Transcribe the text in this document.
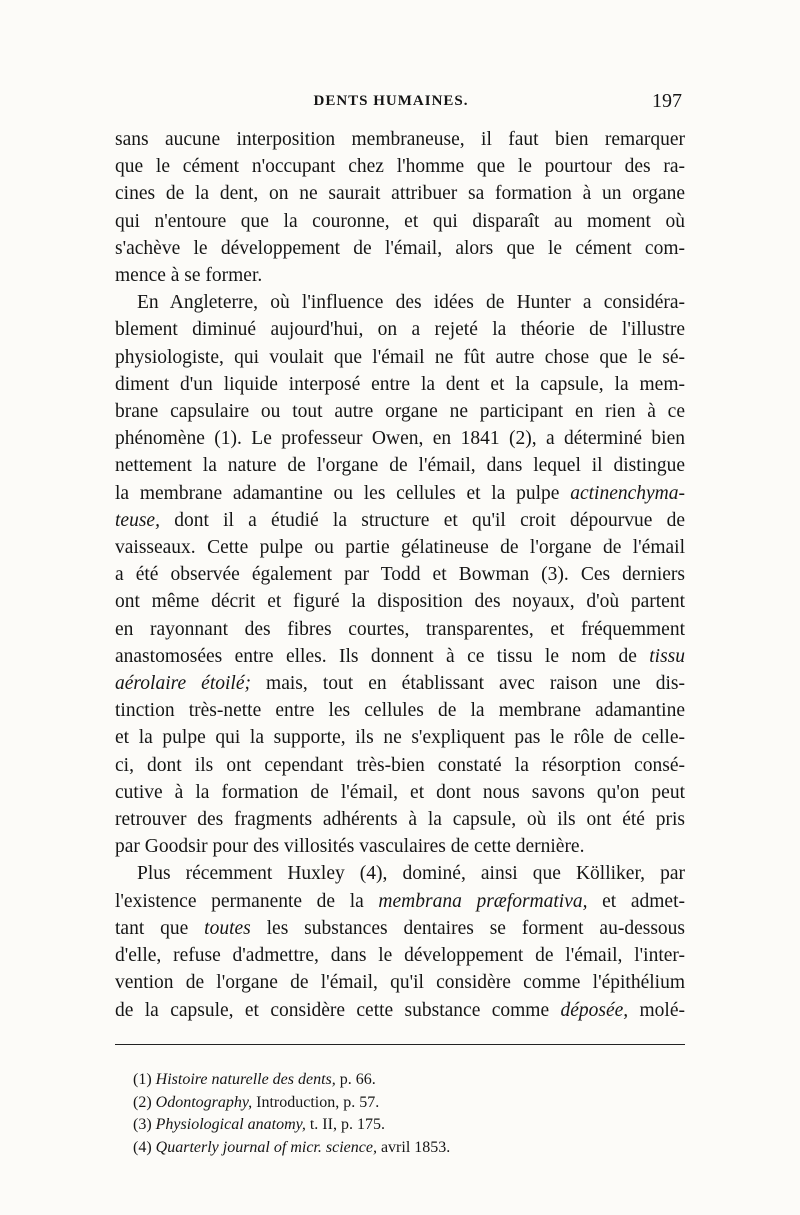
DENTS HUMAINES.	197
sans aucune interposition membraneuse, il faut bien remarquer
que le cément n'occupant chez l'homme que le pourtour des ra-
cines de la dent, on ne saurait attribuer sa formation à un organe
qui n'entoure que la couronne, et qui disparaît au moment où
s'achève le développement de l'émail, alors que le cément com-
mence à se former.
En Angleterre, où l'influence des idées de Hunter a considéra-
blement diminué aujourd'hui, on a rejeté la théorie de l'illustre
physiologiste, qui voulait que l'émail ne fût autre chose que le sé-
diment d'un liquide interposé entre la dent et la capsule, la mem-
brane capsulaire ou tout autre organe ne participant en rien à ce
phénomène (1). Le professeur Owen, en 1841 (2), a déterminé bien
nettement la nature de l'organe de l'émail, dans lequel il distingue
la membrane adamantine ou les cellules et la pulpe actinenchyma-
teuse, dont il a étudié la structure et qu'il croit dépourvue de
vaisseaux. Cette pulpe ou partie gélatineuse de l'organe de l'émail
a été observée également par Todd et Bowman (3). Ces derniers
ont même décrit et figuré la disposition des noyaux, d'où partent
en rayonnant des fibres courtes, transparentes, et fréquemment
anastomosées entre elles. Ils donnent à ce tissu le nom de tissu
aérolaire étoilé; mais, tout en établissant avec raison une dis-
tinction très-nette entre les cellules de la membrane adamantine
et la pulpe qui la supporte, ils ne s'expliquent pas le rôle de celle-
ci, dont ils ont cependant très-bien constaté la résorption consé-
cutive à la formation de l'émail, et dont nous savons qu'on peut
retrouver des fragments adhérents à la capsule, où ils ont été pris
par Goodsir pour des villosités vasculaires de cette dernière.
Plus récemment Huxley (4), dominé, ainsi que Kölliker, par
l'existence permanente de la membrana præformativa, et admet-
tant que toutes les substances dentaires se forment au-dessous
d'elle, refuse d'admettre, dans le développement de l'émail, l'inter-
vention de l'organe de l'émail, qu'il considère comme l'épithélium
de la capsule, et considère cette substance comme déposée, molé-
(1) Histoire naturelle des dents, p. 66.
(2) Odontography, Introduction, p. 57.
(3) Physiological anatomy, t. II, p. 175.
(4) Quarterly journal of micr. science, avril 1853.
